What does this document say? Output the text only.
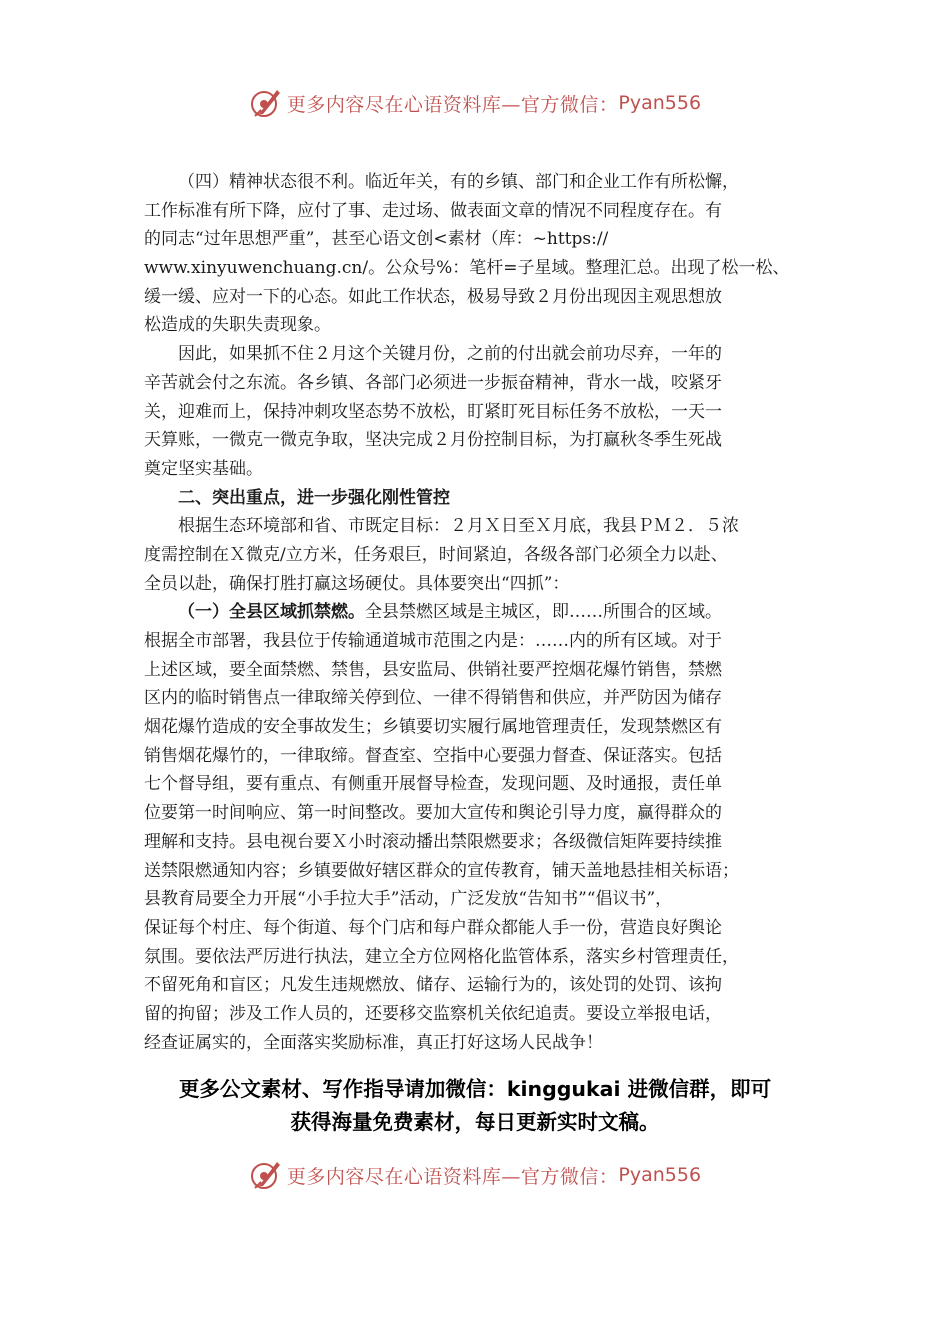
更多内容尽在心语资料库—官方微信： Pyan556
（四）精神状态很不利。临近年关，有的乡镇、部门和企业工作有所松懈，
工作标准有所下降，应付了事、走过场、做表面文章的情况不同程度存在。有
的同志“过年思想严重”，甚至心语文创<素材（库：~https://
www.xinyuwenchuang.cn/。公众号%：笔杆=子星域。整理汇总。出现了松一松、
缓一缓、应对一下的心态。如此工作状态，极易导致２月份出现因主观思想放
松造成的失职失责现象。
因此，如果抓不住２月这个关键月份，之前的付出就会前功尽弃，一年的
辛苦就会付之东流。各乡镇、各部门必须进一步振奋精神，背水一战，咬紧牙
关，迎难而上，保持冲刺攻坚态势不放松，盯紧盯死目标任务不放松，一天一
天算账，一微克一微克争取，坚决完成２月份控制目标，为打赢秋冬季生死战
奠定坚实基础。
二、突出重点，进一步强化刚性管控
根据生态环境部和省、市既定目标：２月Ｘ日至Ｘ月底，我县ＰＭ２．５浓
度需控制在Ｘ微克/立方米，任务艰巨，时间紧迫，各级各部门必须全力以赴、
全员以赴，确保打胜打赢这场硬仗。具体要突出“四抓”：
（一）全县区域抓禁燃。全县禁燃区域是主城区，即……所围合的区域。
根据全市部署，我县位于传输通道城市范围之内是：……内的所有区域。对于
上述区域，要全面禁燃、禁售，县安监局、供销社要严控烟花爆竹销售，禁燃
区内的临时销售点一律取缔关停到位、一律不得销售和供应，并严防因为储存
烟花爆竹造成的安全事故发生；乡镇要切实履行属地管理责任，发现禁燃区有
销售烟花爆竹的，一律取缔。督查室、空指中心要强力督查、保证落实。包括
七个督导组，要有重点、有侧重开展督导检查，发现问题、及时通报，责任单
位要第一时间响应、第一时间整改。要加大宣传和舆论引导力度，赢得群众的
理解和支持。县电视台要Ｘ小时滚动播出禁限燃要求；各级微信矩阵要持续推
送禁限燃通知内容；乡镇要做好辖区群众的宣传教育，铺天盖地悬挂相关标语；
县教育局要全力开展“小手拉大手”活动，广泛发放“告知书”“倡议书”，
保证每个村庄、每个街道、每个门店和每户群众都能人手一份，营造良好舆论
氛围。要依法严厉进行执法，建立全方位网格化监管体系，落实乡村管理责任，
不留死角和盲区；凡发生违规燃放、储存、运输行为的，该处罚的处罚、该拘
留的拘留；涉及工作人员的，还要移交监察机关依纪追责。要设立举报电话，
经查证属实的，全面落实奖励标准，真正打好这场人民战争！
更多公文素材、写作指导请加微信：kinggukai 进微信群，即可
获得海量免费素材，每日更新实时文稿。
更多内容尽在心语资料库—官方微信： Pyan556
